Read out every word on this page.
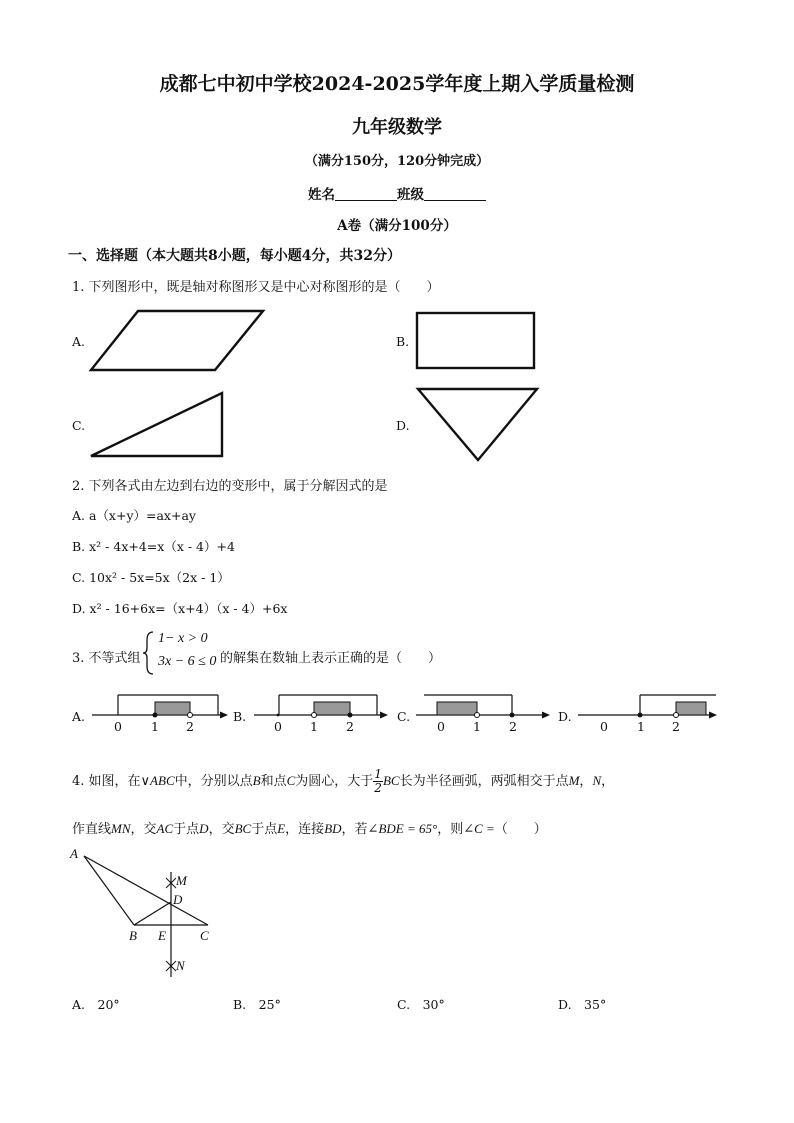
成都七中初中学校2024-2025学年度上期入学质量检测
九年级数学
（满分150分，120分钟完成）
姓名	班级
A卷（满分100分）
一、选择题（本大题共8小题，每小题4分，共32分）
1. 下列图形中，既是轴对称图形又是中心对称图形的是（　　）
A.	B.
C.	D.
2. 下列各式由左边到右边的变形中，属于分解因式的是
A. a（x+y）=ax+ay
B. x² - 4x+4=x（x - 4）+4
C. 10x² - 5x=5x（2x - 1）
D. x² - 16+6x=（x+4）（x - 4）+6x
3. 不等式组
1− x > 0
3x − 6 ≤ 0 的解集在数轴上表示正确的是（　　）
A.
0 1 2
B.
0 1 2
C.
0 1 2
D.
0 1 2
4. 如图，在∨ABC中，分别以点B和点C为圆心，大于 $\frac{1}{2}$ BC长为半径画弧，两弧相交于点M，N，
作直线MN，交AC于点D，交BC于点E，连接BD，若∠BDE = 65°，则∠C =（　　）
A
M
D
B E	C
N
A.　20°	B.　25°	C.　30°	D.　35°
